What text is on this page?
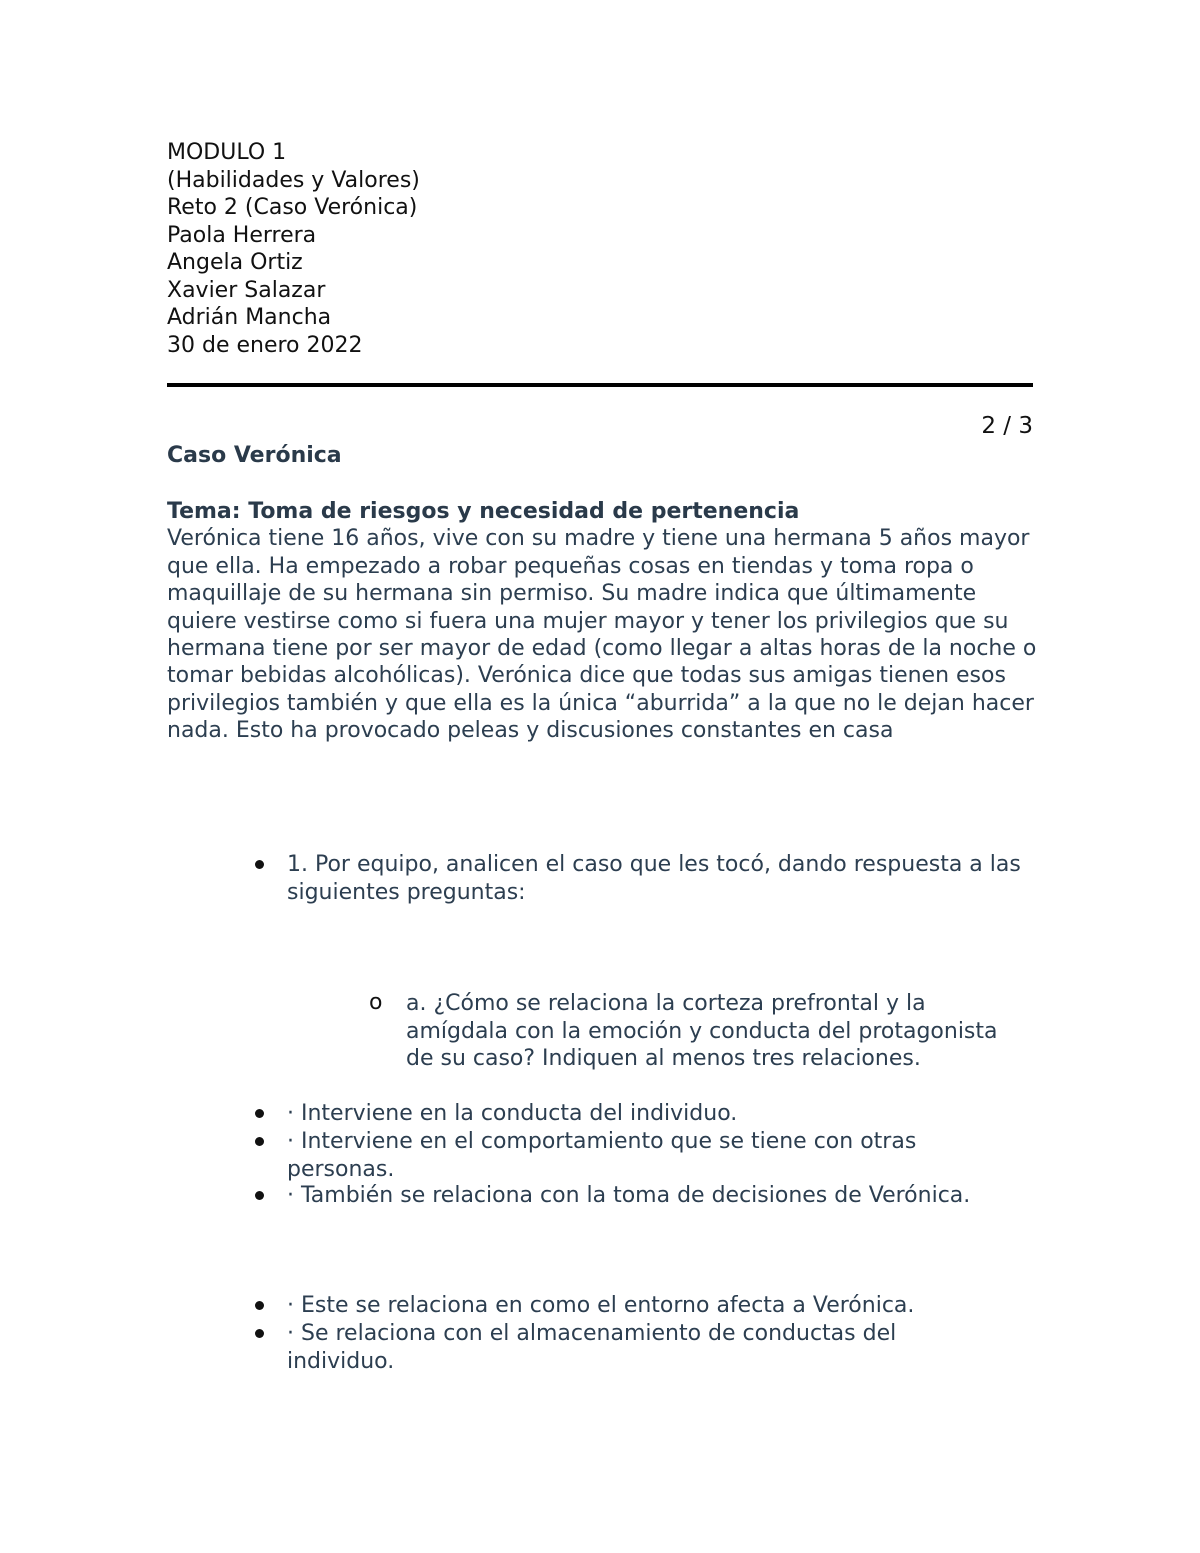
MODULO 1
(Habilidades y Valores)
Reto 2 (Caso Verónica)
Paola Herrera
Angela Ortiz
Xavier Salazar
Adrián Mancha
30 de enero 2022
2 / 3
Caso Verónica
Tema: Toma de riesgos y necesidad de pertenencia
Verónica tiene 16 años, vive con su madre y tiene una hermana 5 años mayor que ella. Ha empezado a robar pequeñas cosas en tiendas y toma ropa o maquillaje de su hermana sin permiso. Su madre indica que últimamente quiere vestirse como si fuera una mujer mayor y tener los privilegios que su hermana tiene por ser mayor de edad (como llegar a altas horas de la noche o tomar bebidas alcohólicas). Verónica dice que todas sus amigas tienen esos privilegios también y que ella es la única “aburrida” a la que no le dejan hacer nada. Esto ha provocado peleas y discusiones constantes en casa
1. Por equipo, analicen el caso que les tocó, dando respuesta a las siguientes preguntas:
o a. ¿Cómo se relaciona la corteza prefrontal y la amígdala con la emoción y conducta del protagonista de su caso? Indiquen al menos tres relaciones.
· Interviene en la conducta del individuo.
· Interviene en el comportamiento que se tiene con otras personas.
· También se relaciona con la toma de decisiones de Verónica.
· Este se relaciona en como el entorno afecta a Verónica.
· Se relaciona con el almacenamiento de conductas del individuo.
